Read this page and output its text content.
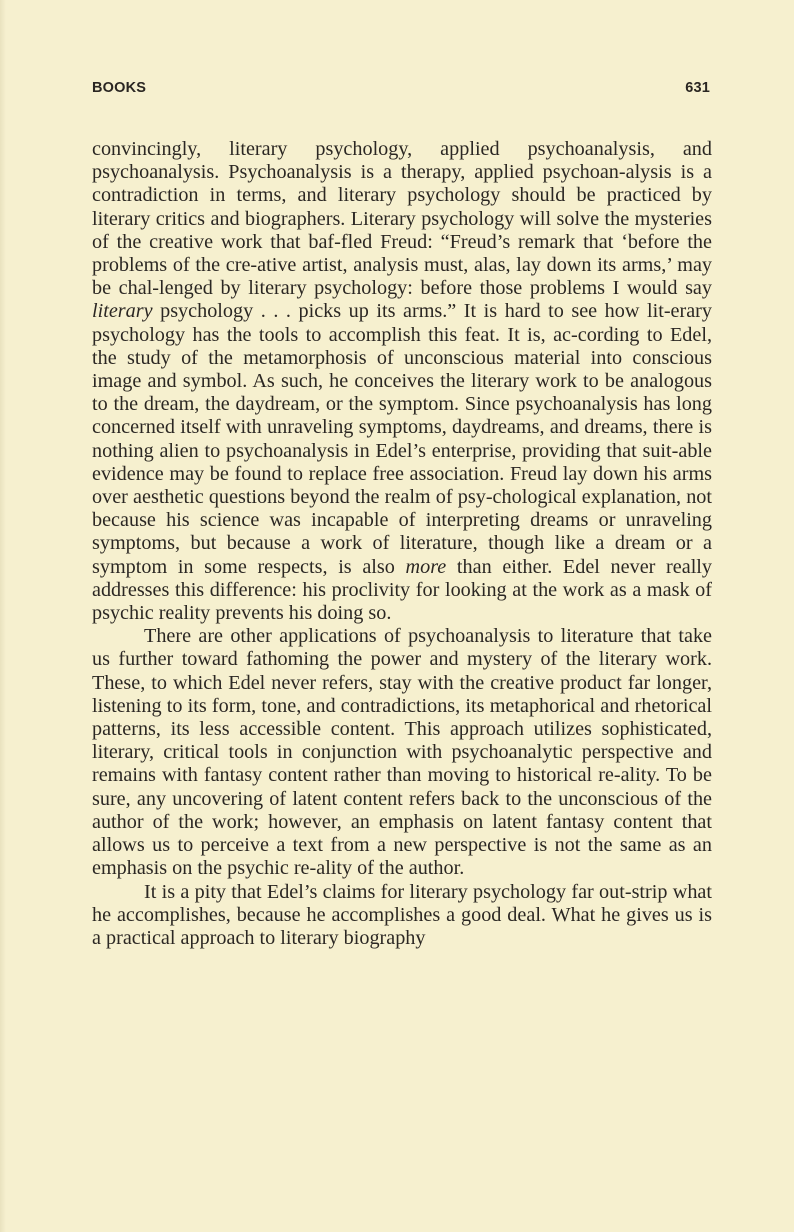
BOOKS	631

convincingly, literary psychology, applied psychoanalysis, and psychoanalysis. Psychoanalysis is a therapy, applied psychoan-alysis is a contradiction in terms, and literary psychology should be practiced by literary critics and biographers. Literary psychology will solve the mysteries of the creative work that baf-fled Freud: “Freud’s remark that ‘before the problems of the cre-ative artist, analysis must, alas, lay down its arms,’ may be chal-lenged by literary psychology: before those problems I would say literary psychology . . . picks up its arms.” It is hard to see how lit-erary psychology has the tools to accomplish this feat. It is, ac-cording to Edel, the study of the metamorphosis of unconscious material into conscious image and symbol. As such, he conceives the literary work to be analogous to the dream, the daydream, or the symptom. Since psychoanalysis has long concerned itself with unraveling symptoms, daydreams, and dreams, there is nothing alien to psychoanalysis in Edel’s enterprise, providing that suit-able evidence may be found to replace free association. Freud lay down his arms over aesthetic questions beyond the realm of psy-chological explanation, not because his science was incapable of interpreting dreams or unraveling symptoms, but because a work of literature, though like a dream or a symptom in some respects, is also more than either. Edel never really addresses this difference: his proclivity for looking at the work as a mask of psychic reality prevents his doing so.

There are other applications of psychoanalysis to literature that take us further toward fathoming the power and mystery of the literary work. These, to which Edel never refers, stay with the creative product far longer, listening to its form, tone, and contradictions, its metaphorical and rhetorical patterns, its less accessible content. This approach utilizes sophisticated, literary, critical tools in conjunction with psychoanalytic perspective and remains with fantasy content rather than moving to historical re-ality. To be sure, any uncovering of latent content refers back to the unconscious of the author of the work; however, an emphasis on latent fantasy content that allows us to perceive a text from a new perspective is not the same as an emphasis on the psychic re-ality of the author.

It is a pity that Edel’s claims for literary psychology far out-strip what he accomplishes, because he accomplishes a good deal. What he gives us is a practical approach to literary biography
